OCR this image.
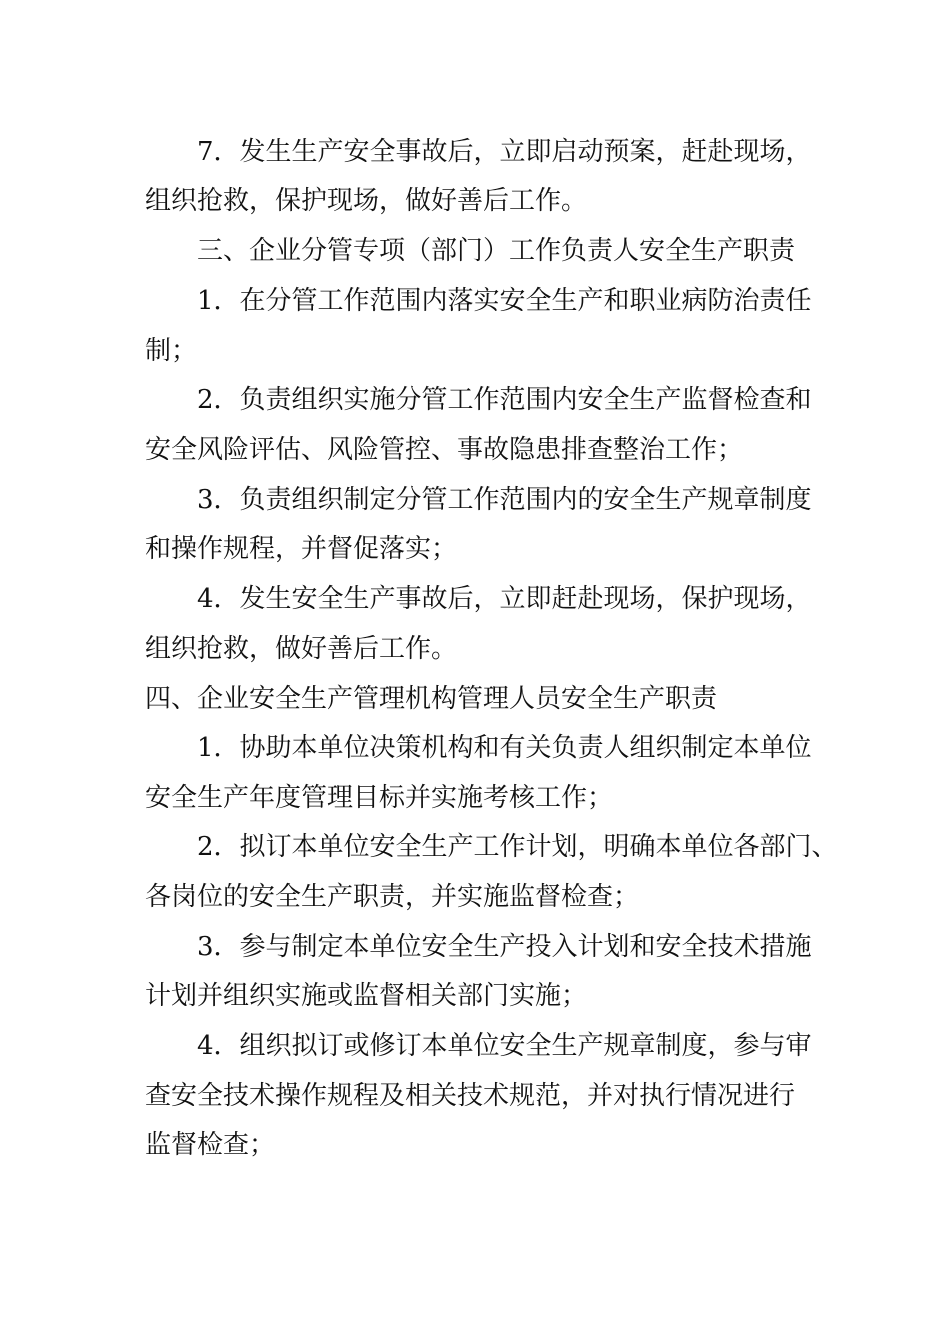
7．发生生产安全事故后，立即启动预案，赶赴现场，
组织抢救，保护现场，做好善后工作。
三、企业分管专项（部门）工作负责人安全生产职责
1．在分管工作范围内落实安全生产和职业病防治责任
制；
2．负责组织实施分管工作范围内安全生产监督检查和
安全风险评估、风险管控、事故隐患排查整治工作；
3．负责组织制定分管工作范围内的安全生产规章制度
和操作规程，并督促落实；
4．发生安全生产事故后，立即赶赴现场，保护现场，
组织抢救，做好善后工作。
四、企业安全生产管理机构管理人员安全生产职责
1．协助本单位决策机构和有关负责人组织制定本单位
安全生产年度管理目标并实施考核工作；
2．拟订本单位安全生产工作计划，明确本单位各部门、
各岗位的安全生产职责，并实施监督检查；
3．参与制定本单位安全生产投入计划和安全技术措施
计划并组织实施或监督相关部门实施；
4．组织拟订或修订本单位安全生产规章制度，参与审
查安全技术操作规程及相关技术规范，并对执行情况进行
监督检查；
